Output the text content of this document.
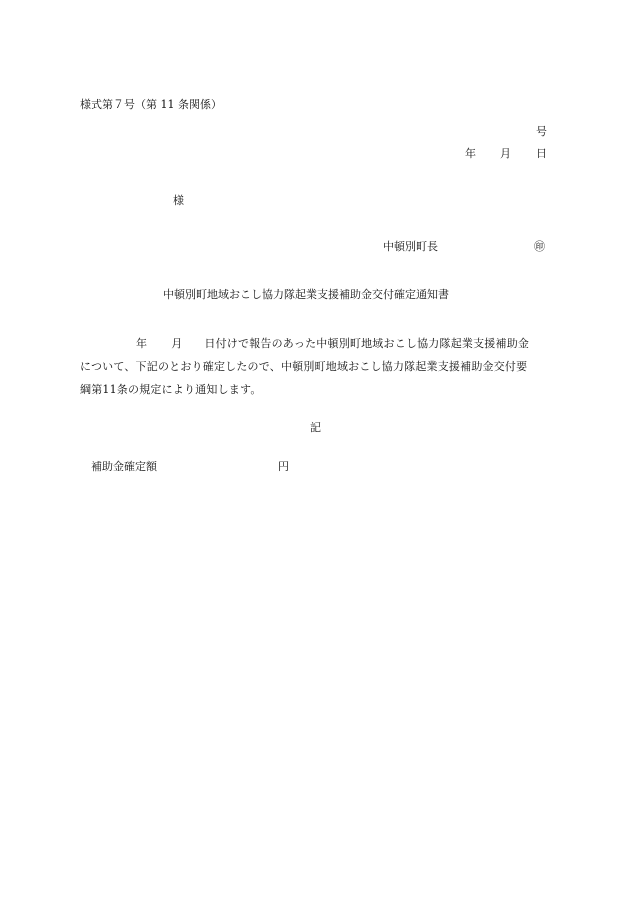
様式第７号（第 11 条関係）
号
年 月 日
様
中頓別町長	㊞
中頓別町地域おこし協力隊起業支援補助金交付確定通知書
年 月 日付けで報告のあった中頓別町地域おこし協力隊起業支援補助金
について、下記のとおり確定したので、中頓別町地域おこし協力隊起業支援補助金交付要
綱第11条の規定により通知します。
記
補助金確定額	円
